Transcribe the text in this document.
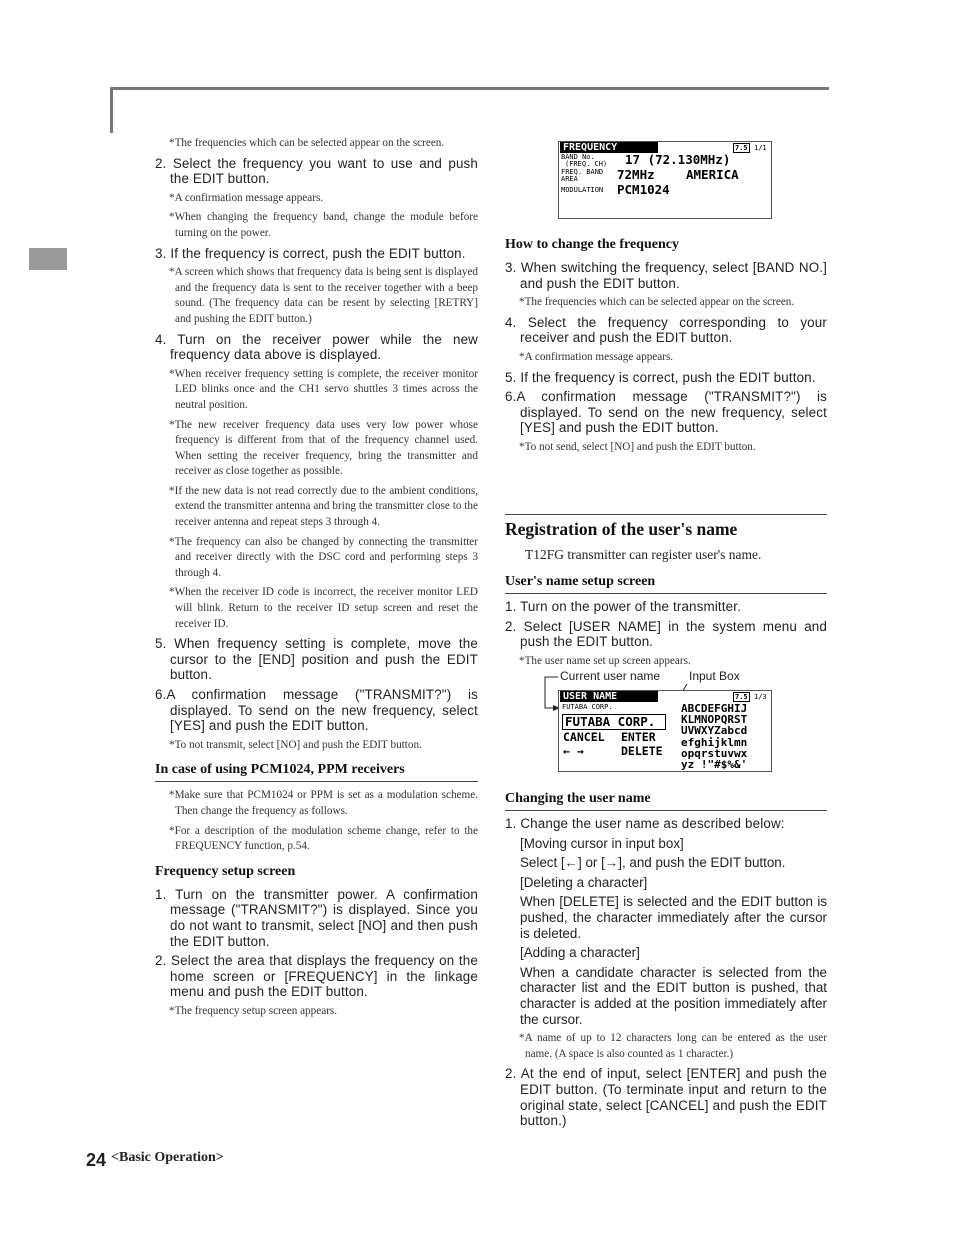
*The frequencies which can be selected appear on the screen.
2. Select the frequency you want to use and push the EDIT button.
*A confirmation message appears.
*When changing the frequency band, change the module before turning on the power.
3. If the frequency is correct, push the EDIT button.
*A screen which shows that frequency data is being sent is displayed and the frequency data is sent to the receiver together with a beep sound. (The frequency data can be resent by selecting [RETRY] and pushing the EDIT button.)
4. Turn on the receiver power while the new frequency data above is displayed.
*When receiver frequency setting is complete, the receiver monitor LED blinks once and the CH1 servo shuttles 3 times across the neutral position.
*The new receiver frequency data uses very low power whose frequency is different from that of the frequency channel used. When setting the receiver frequency, bring the transmitter and receiver as close together as possible.
*If the new data is not read correctly due to the ambient conditions, extend the transmitter antenna and bring the transmitter close to the receiver antenna and repeat steps 3 through 4.
*The frequency can also be changed by connecting the transmitter and receiver directly with the DSC cord and performing steps 3 through 4.
*When the receiver ID code is incorrect, the receiver monitor LED will blink. Return to the receiver ID setup screen and reset the receiver ID.
5. When frequency setting is complete, move the cursor to the [END] position and push the EDIT button.
6.A confirmation message ("TRANSMIT?") is displayed. To send on the new frequency, select [YES] and push the EDIT button.
*To not transmit, select [NO] and push the EDIT button.
In case of using PCM1024, PPM receivers
*Make sure that PCM1024 or PPM is set as a modulation scheme. Then change the frequency as follows.
*For a description of the modulation scheme change, refer to the FREQUENCY function, p.54.
Frequency setup screen
1. Turn on the transmitter power. A confirmation message ("TRANSMIT?") is displayed. Since you do not want to transmit, select [NO] and then push the EDIT button.
2. Select the area that displays the frequency on the home screen or [FREQUENCY] in the linkage menu and push the EDIT button.
*The frequency setup screen appears.
FREQUENCY	7.5 1/1
BAND No.
(FREQ. CH) 17 (72.130MHz)
FREQ. BAND
AREA	72MHz	AMERICA
MODULATION PCM1024
How to change the frequency
3. When switching the frequency, select [BAND NO.] and push the EDIT button.
*The frequencies which can be selected appear on the screen.
4. Select the frequency corresponding to your receiver and push the EDIT button.
*A confirmation message appears.
5. If the frequency is correct, push the EDIT button.
6.A confirmation message ("TRANSMIT?") is displayed. To send on the new frequency, select [YES] and push the EDIT button.
*To not send, select [NO] and push the EDIT button.
Registration of the user's name
T12FG transmitter can register user's name.
User's name setup screen
1. Turn on the power of the transmitter.
2. Select [USER NAME] in the system menu and push the EDIT button.
*The user name set up screen appears.
Current user name Input Box
USER NAME	7.5 1/3
FUTABA CORP.
FUTABA CORP.
CANCEL ENTER
← →	DELETE
ABCDEFGHIJ
KLMNOPQRST
UVWXYZabcd
efghijklmn
opqrstuvwx
yz !"#$%&'
Changing the user name
1. Change the user name as described below:
[Moving cursor in input box]
Select [←] or [→], and push the EDIT button.
[Deleting a character]
When [DELETE] is selected and the EDIT button is pushed, the character immediately after the cursor is deleted.
[Adding a character]
When a candidate character is selected from the character list and the EDIT button is pushed, that character is added at the position immediately after the cursor.
*A name of up to 12 characters long can be entered as the user name. (A space is also counted as 1 character.)
2. At the end of input, select [ENTER] and push the EDIT button. (To terminate input and return to the original state, select [CANCEL] and push the EDIT button.)
24 <Basic Operation>
